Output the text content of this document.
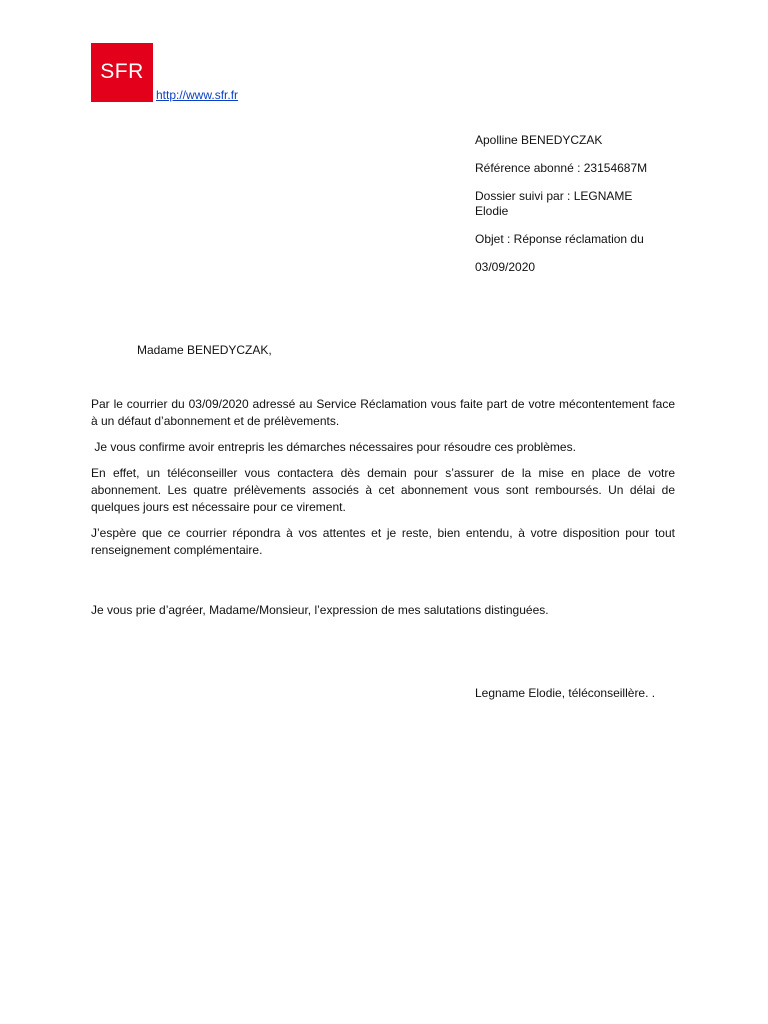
SFR
http://www.sfr.fr
Apolline BENEDYCZAK
Référence abonné : 23154687M
Dossier suivi par : LEGNAME
Elodie
Objet : Réponse réclamation du
03/09/2020
Madame BENEDYCZAK,

Par le courrier du 03/09/2020 adressé au Service Réclamation vous faite part de votre mécontentement face à un défaut d’abonnement et de prélèvements.

Je vous confirme avoir entrepris les démarches nécessaires pour résoudre ces problèmes.

En effet, un téléconseiller vous contactera dès demain pour s’assurer de la mise en place de votre abonnement. Les quatre prélèvements associés à cet abonnement vous sont remboursés. Un délai de quelques jours est nécessaire pour ce virement.

J’espère que ce courrier répondra à vos attentes et je reste, bien entendu, à votre disposition pour tout renseignement complémentaire.

Je vous prie d’agréer, Madame/Monsieur, l’expression de mes salutations distinguées.
Legname Elodie, téléconseillère. .
